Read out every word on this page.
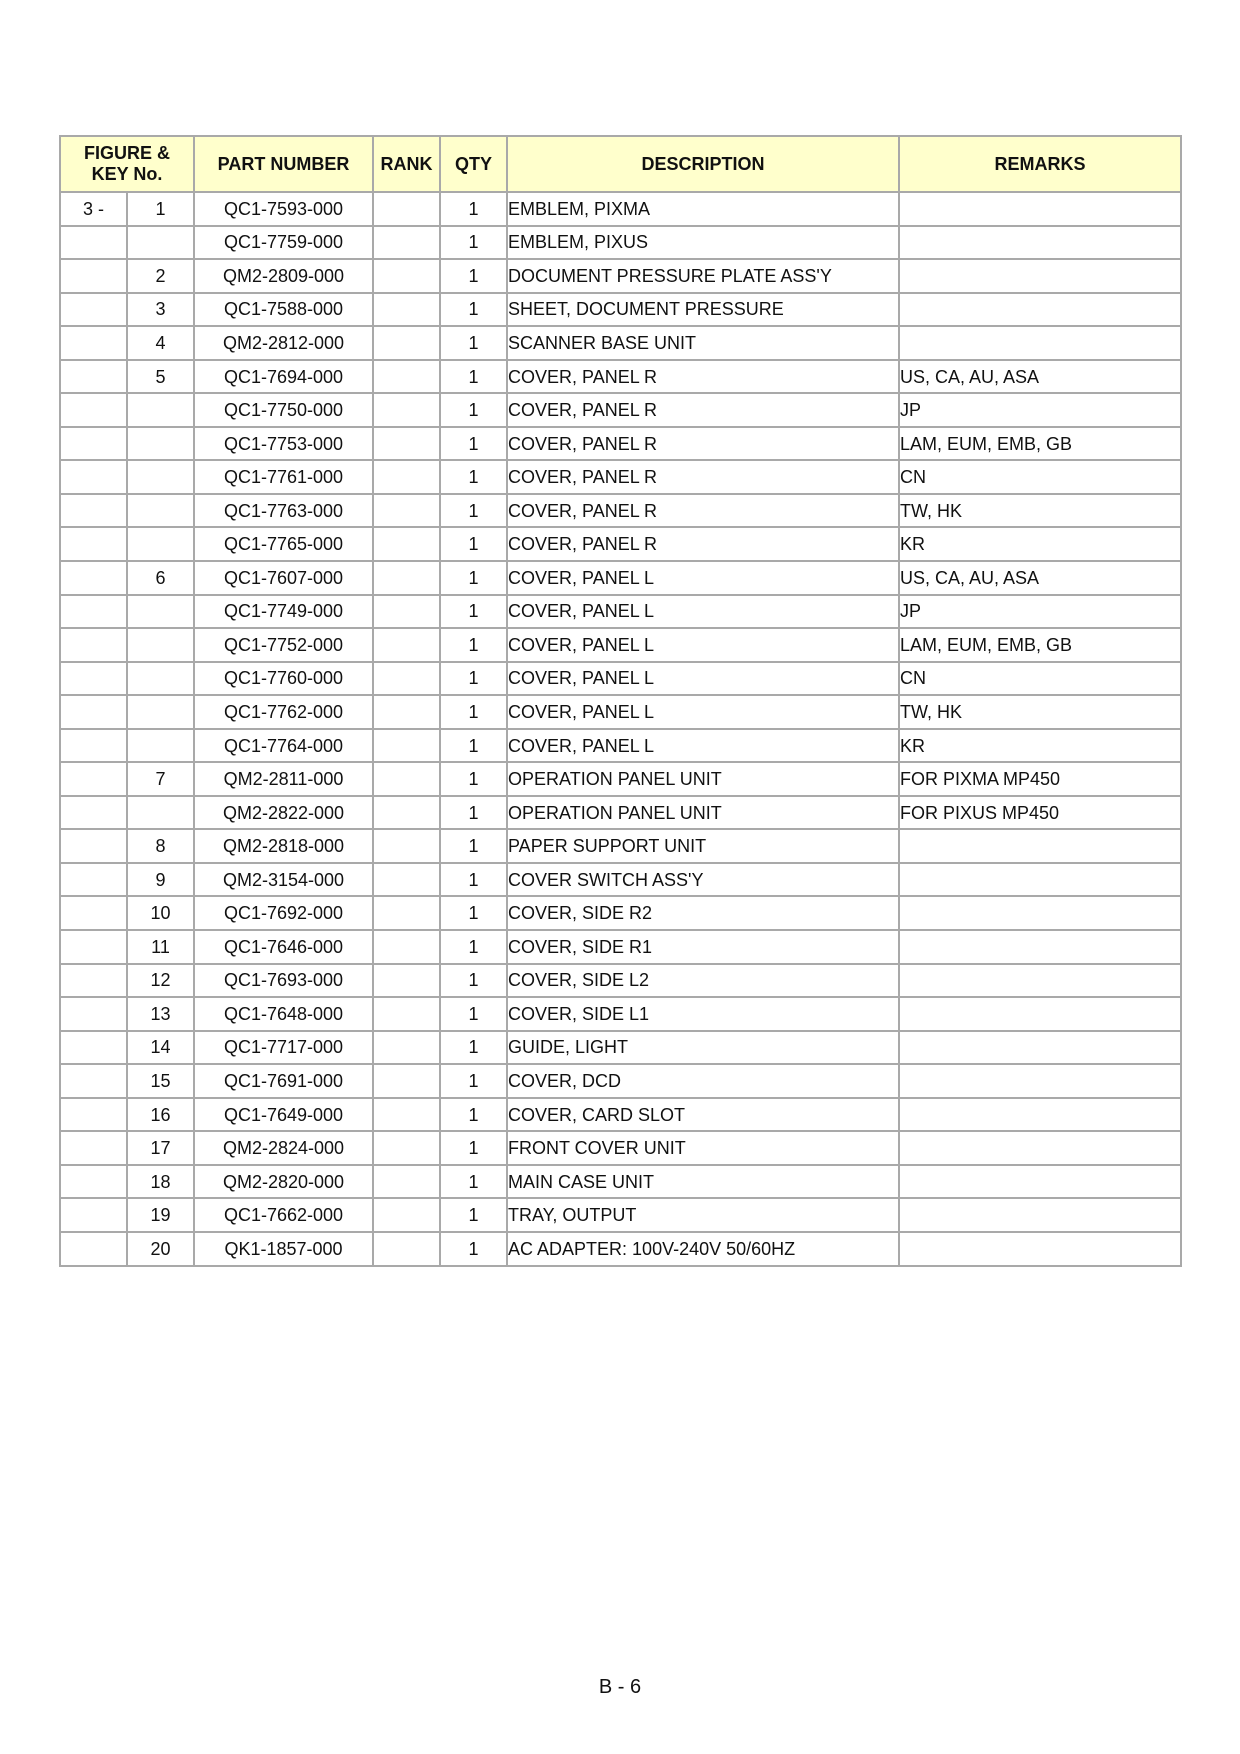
FIGURE &
KEY No.		PART NUMBER	RANK	QTY	DESCRIPTION	REMARKS
3 -	1	QC1-7593-000		1	EMBLEM, PIXMA	
		QC1-7759-000		1	EMBLEM, PIXUS	
	2	QM2-2809-000		1	DOCUMENT PRESSURE PLATE ASS'Y	
	3	QC1-7588-000		1	SHEET, DOCUMENT PRESSURE	
	4	QM2-2812-000		1	SCANNER BASE UNIT	
	5	QC1-7694-000		1	COVER, PANEL R	US, CA, AU, ASA
		QC1-7750-000		1	COVER, PANEL R	JP
		QC1-7753-000		1	COVER, PANEL R	LAM, EUM, EMB, GB
		QC1-7761-000		1	COVER, PANEL R	CN
		QC1-7763-000		1	COVER, PANEL R	TW, HK
		QC1-7765-000		1	COVER, PANEL R	KR
	6	QC1-7607-000		1	COVER, PANEL L	US, CA, AU, ASA
		QC1-7749-000		1	COVER, PANEL L	JP
		QC1-7752-000		1	COVER, PANEL L	LAM, EUM, EMB, GB
		QC1-7760-000		1	COVER, PANEL L	CN
		QC1-7762-000		1	COVER, PANEL L	TW, HK
		QC1-7764-000		1	COVER, PANEL L	KR
	7	QM2-2811-000		1	OPERATION PANEL UNIT	FOR PIXMA MP450
		QM2-2822-000		1	OPERATION PANEL UNIT	FOR PIXUS MP450
	8	QM2-2818-000		1	PAPER SUPPORT UNIT	
	9	QM2-3154-000		1	COVER SWITCH ASS'Y	
	10	QC1-7692-000		1	COVER, SIDE R2	
	11	QC1-7646-000		1	COVER, SIDE R1	
	12	QC1-7693-000		1	COVER, SIDE L2	
	13	QC1-7648-000		1	COVER, SIDE L1	
	14	QC1-7717-000		1	GUIDE, LIGHT	
	15	QC1-7691-000		1	COVER, DCD	
	16	QC1-7649-000		1	COVER, CARD SLOT	
	17	QM2-2824-000		1	FRONT COVER UNIT	
	18	QM2-2820-000		1	MAIN CASE UNIT	
	19	QC1-7662-000		1	TRAY, OUTPUT	
	20	QK1-1857-000		1	AC ADAPTER: 100V-240V 50/60HZ	
B - 6
